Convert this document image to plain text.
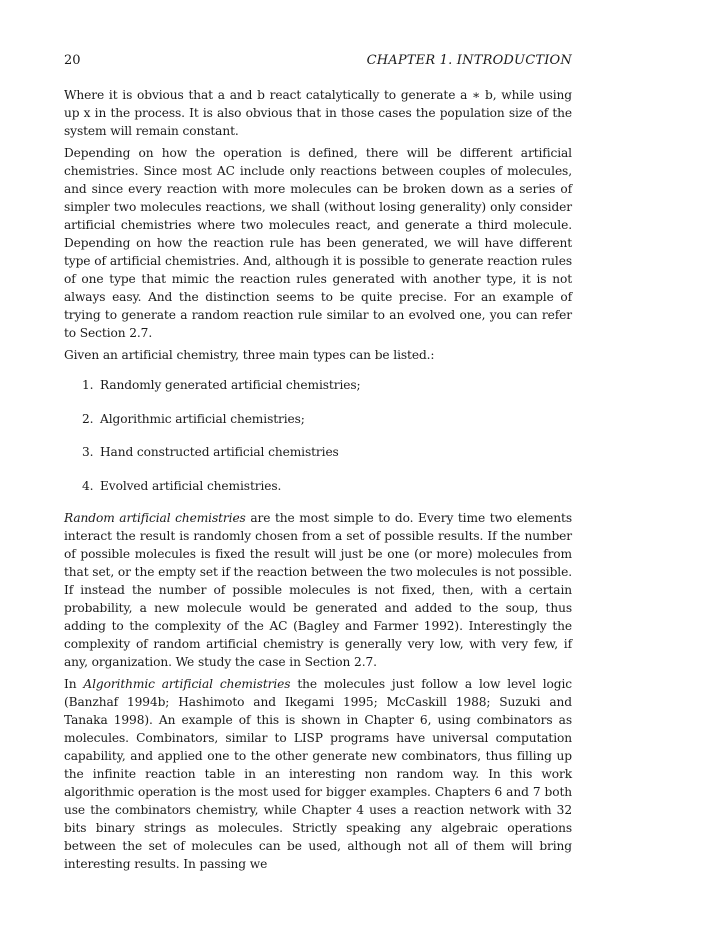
20	CHAPTER 1. INTRODUCTION

Where it is obvious that a and b react catalytically to generate a ∗ b, while using up x in the process. It is also obvious that in those cases the population size of the system will remain constant.

Depending on how the operation is defined, there will be different artificial chemistries. Since most AC include only reactions between couples of molecules, and since every reaction with more molecules can be broken down as a series of simpler two molecules reactions, we shall (without losing generality) only consider artificial chemistries where two molecules react, and generate a third molecule. Depending on how the reaction rule has been generated, we will have different type of artificial chemistries. And, although it is possible to generate reaction rules of one type that mimic the reaction rules generated with another type, it is not always easy. And the distinction seems to be quite precise. For an example of trying to generate a random reaction rule similar to an evolved one, you can refer to Section 2.7.

Given an artificial chemistry, three main types can be listed.:

1. Randomly generated artificial chemistries;
2. Algorithmic artificial chemistries;
3. Hand constructed artificial chemistries
4. Evolved artificial chemistries.

Random artificial chemistries are the most simple to do. Every time two elements interact the result is randomly chosen from a set of possible results. If the number of possible molecules is fixed the result will just be one (or more) molecules from that set, or the empty set if the reaction between the two molecules is not possible. If instead the number of possible molecules is not fixed, then, with a certain probability, a new molecule would be generated and added to the soup, thus adding to the complexity of the AC (Bagley and Farmer 1992). Interestingly the complexity of random artificial chemistry is generally very low, with very few, if any, organization. We study the case in Section 2.7.

In Algorithmic artificial chemistries the molecules just follow a low level logic (Banzhaf 1994b; Hashimoto and Ikegami 1995; McCaskill 1988; Suzuki and Tanaka 1998). An example of this is shown in Chapter 6, using combinators as molecules. Combinators, similar to LISP programs have universal computation capability, and applied one to the other generate new combinators, thus filling up the infinite reaction table in an interesting non random way. In this work algorithmic operation is the most used for bigger examples. Chapters 6 and 7 both use the combinators chemistry, while Chapter 4 uses a reaction network with 32 bits binary strings as molecules. Strictly speaking any algebraic operations between the set of molecules can be used, although not all of them will bring interesting results. In passing we
